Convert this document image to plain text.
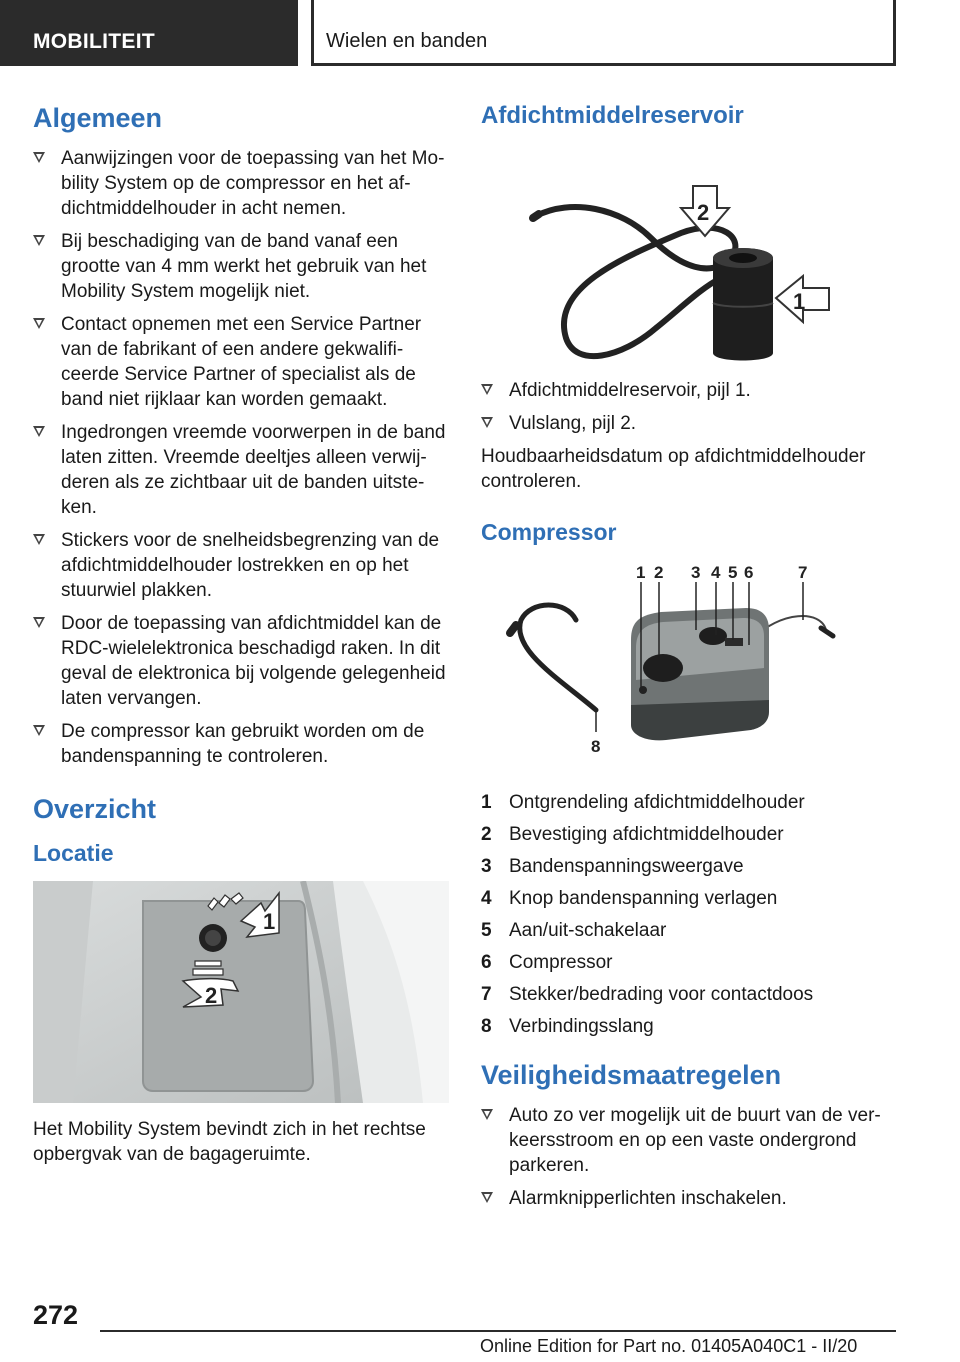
MOBILITEIT	Wielen en banden
Algemeen
Aanwijzingen voor de toepassing van het Mo-bility System op de compressor en het af-dichtmiddelhouder in acht nemen.
Bij beschadiging van de band vanaf een grootte van 4 mm werkt het gebruik van het Mobility System mogelijk niet.
Contact opnemen met een Service Partner van de fabrikant of een andere gekwalifi-ceerde Service Partner of specialist als de band niet rijklaar kan worden gemaakt.
Ingedrongen vreemde voorwerpen in de band laten zitten. Vreemde deeltjes alleen verwij-deren als ze zichtbaar uit de banden uitste-ken.
Stickers voor de snelheidsbegrenzing van de afdichtmiddelhouder lostrekken en op het stuurwiel plakken.
Door de toepassing van afdichtmiddel kan de RDC-wielelektronica beschadigd raken. In dit geval de elektronica bij volgende gelegenheid laten vervangen.
De compressor kan gebruikt worden om de bandenspanning te controleren.
Overzicht
Locatie
1
2

Het Mobility System bevindt zich in het rechtse opbergvak van de bagageruimte.

Afdichtmiddelreservoir
2
1
Afdichtmiddelreservoir, pijl 1.
Vulslang, pijl 2.

Houdbaarheidsdatum op afdichtmiddelhouder controleren.

Compressor
1 2 3 4 5 6	7
8
1 Ontgrendeling afdichtmiddelhouder
2 Bevestiging afdichtmiddelhouder
3 Bandenspanningsweergave
4 Knop bandenspanning verlagen
5 Aan/uit-schakelaar
6 Compressor
7 Stekker/bedrading voor contactdoos
8 Verbindingsslang
Veiligheidsmaatregelen
Auto zo ver mogelijk uit de buurt van de ver-keersstroom en op een vaste ondergrond parkeren.
Alarmknipperlichten inschakelen.
272
Online Edition for Part no. 01405A040C1 - II/20
